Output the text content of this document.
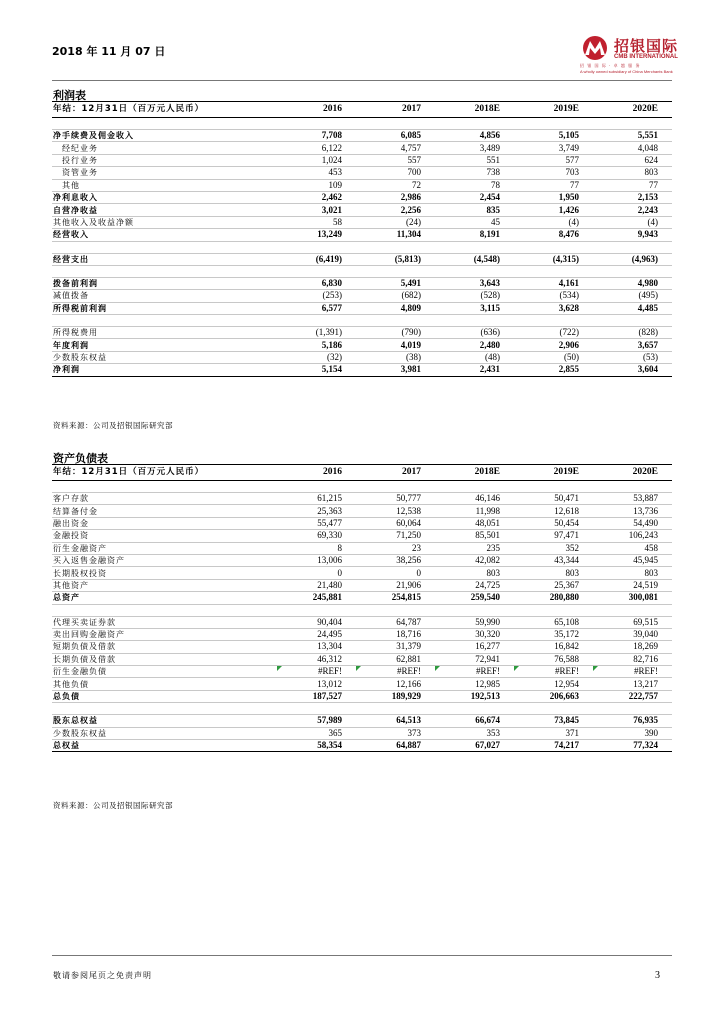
2018 年 11 月 07 日	招银国际
CMB INTERNATIONAL
招 银 国 际 · 卓 越 服 务
A wholly owned subsidiary of China Merchants Bank
利润表
年结：12月31日（百万元人民币）	2016	2017	2018E	2019E	2020E

净手续费及佣金收入	7,708	6,085	4,856	5,105	5,551
经纪业务	6,122	4,757	3,489	3,749	4,048
投行业务	1,024	557	551	577	624
资管业务	453	700	738	703	803
其他	109	72	78	77	77
净利息收入	2,462	2,986	2,454	1,950	2,153
自营净收益	3,021	2,256	835	1,426	2,243
其他收入及收益净额	58	(24)	45	(4)	(4)
经营收入	13,249	11,304	8,191	8,476	9,943

经营支出	(6,419)	(5,813)	(4,548)	(4,315)	(4,963)

拨备前利润	6,830	5,491	3,643	4,161	4,980
减值拨备	(253)	(682)	(528)	(534)	(495)
所得税前利润	6,577	4,809	3,115	3,628	4,485

所得税费用	(1,391)	(790)	(636)	(722)	(828)
年度利润	5,186	4,019	2,480	2,906	3,657
少数股东权益	(32)	(38)	(48)	(50)	(53)
净利润	5,154	3,981	2,431	2,855	3,604
资料来源：公司及招银国际研究部
资产负债表
年结：12月31日（百万元人民币）	2016	2017	2018E	2019E	2020E

客户存款	61,215	50,777	46,146	50,471	53,887
结算备付金	25,363	12,538	11,998	12,618	13,736
融出资金	55,477	60,064	48,051	50,454	54,490
金融投资	69,330	71,250	85,501	97,471	106,243
衍生金融资产	8	23	235	352	458
买入返售金融资产	13,006	38,256	42,082	43,344	45,945
长期股权投资	0	0	803	803	803
其他资产	21,480	21,906	24,725	25,367	24,519
总资产	245,881	254,815	259,540	280,880	300,081

代理买卖证券款	90,404	64,787	59,990	65,108	69,515
卖出回购金融资产	24,495	18,716	30,320	35,172	39,040
短期负债及借款	13,304	31,379	16,277	16,842	18,269
长期负债及借款	46,312	62,881	72,941	76,588	82,716
衍生金融负债	#REF!	#REF!	#REF!	#REF!	#REF!

其他负债	13,012	12,166	12,985	12,954	13,217
总负债	187,527	189,929	192,513	206,663	222,757

股东总权益	57,989	64,513	66,674	73,845	76,935
少数股东权益	365	373	353	371	390
总权益	58,354	64,887	67,027	74,217	77,324
资料来源：公司及招银国际研究部
敬请参阅尾页之免责声明	3
